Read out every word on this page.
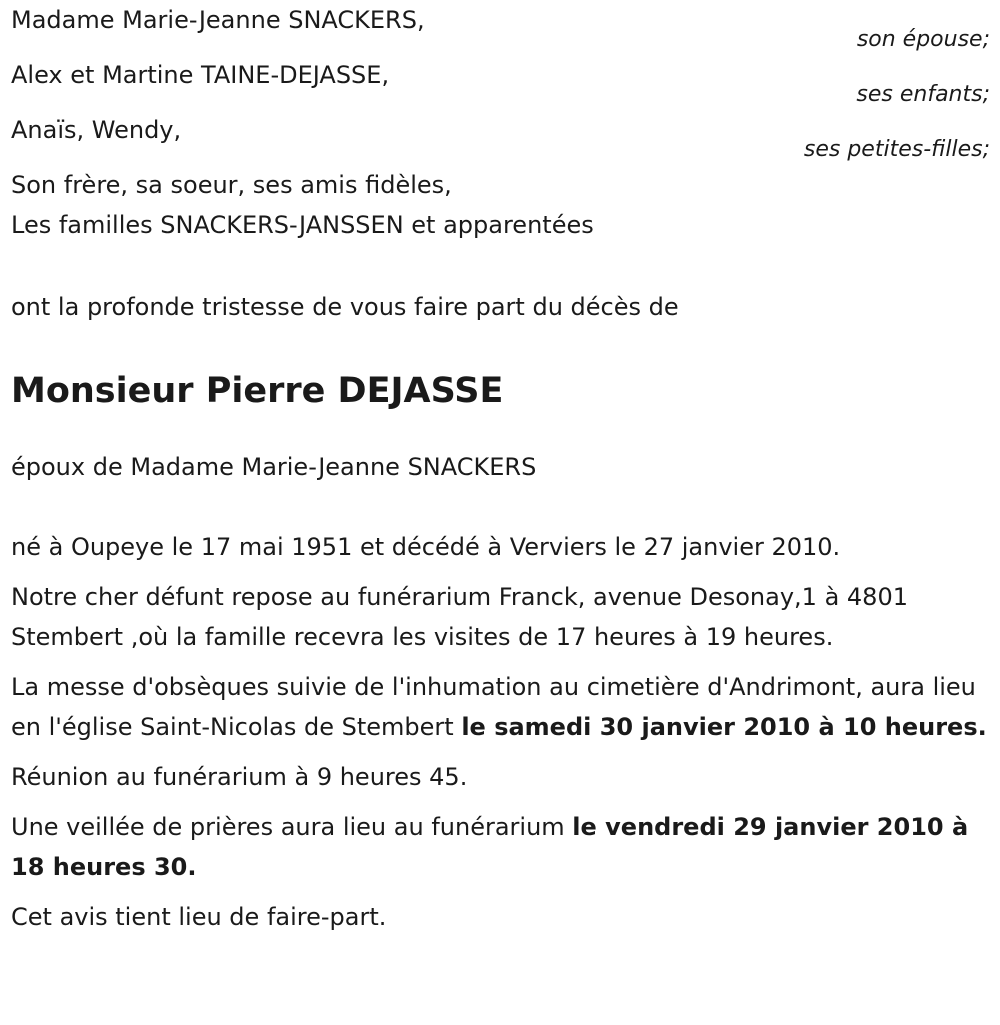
Madame Marie-Jeanne SNACKERS,
son épouse;
Alex et Martine TAINE-DEJASSE,
ses enfants;
Anaïs, Wendy,
ses petites-filles;
Son frère, sa soeur, ses amis fidèles,
Les familles SNACKERS-JANSSEN et apparentées
ont la profonde tristesse de vous faire part du décès de
Monsieur Pierre DEJASSE
époux de Madame Marie-Jeanne SNACKERS
né à Oupeye le 17 mai 1951 et décédé à Verviers le 27 janvier 2010.
Notre cher défunt repose au funérarium Franck, avenue Desonay,1 à 4801 Stembert ,où la famille recevra les visites de 17 heures à 19 heures.
La messe d'obsèques suivie de l'inhumation au cimetière d'Andrimont, aura lieu en l'église Saint-Nicolas de Stembert le samedi 30 janvier 2010 à 10 heures.
Réunion au funérarium à 9 heures 45.
Une veillée de prières aura lieu au funérarium le vendredi 29 janvier 2010 à 18 heures 30.
Cet avis tient lieu de faire-part.
